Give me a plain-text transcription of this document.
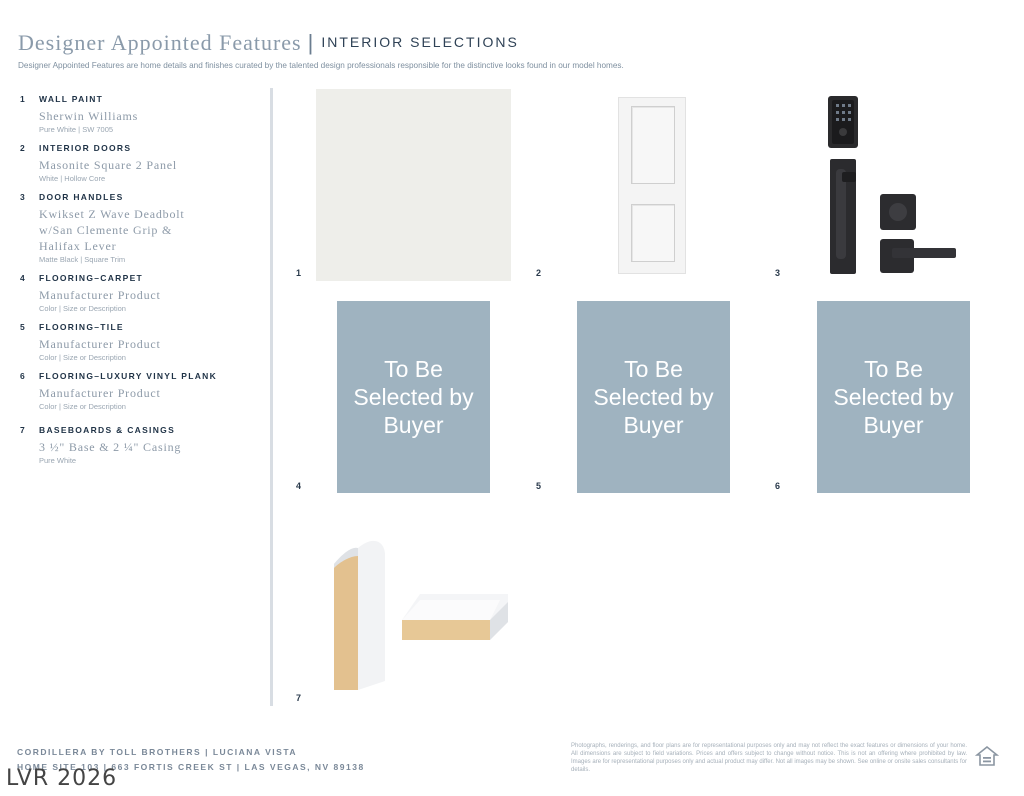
Designer Appointed Features | INTERIOR SELECTIONS
Designer Appointed Features are home details and finishes curated by the talented design professionals responsible for the distinctive looks found in our model homes.
1	WALL PAINT
Sherwin Williams
Pure White | SW 7005
2	INTERIOR DOORS
Masonite Square 2 Panel
White | Hollow Core
3	DOOR HANDLES
Kwikset Z Wave Deadbolt w/San Clemente Grip & Halifax Lever
Matte Black | Square Trim
4	FLOORING–CARPET
Manufacturer Product
Color | Size or Description
5	FLOORING–TILE
Manufacturer Product
Color | Size or Description
6	FLOORING–LUXURY VINYL PLANK
Manufacturer Product
Color | Size or Description
7	BASEBOARDS & CASINGS
3 ½" Base & 2 ¼" Casing
Pure White
1	2	3
To Be Selected by Buyer
4
To Be Selected by Buyer
5
To Be Selected by Buyer
6
7
CORDILLERA BY TOLL BROTHERS | LUCIANA VISTA
HOME SITE 103 | 663 FORTIS CREEK ST | LAS VEGAS, NV 89138
Photographs, renderings, and floor plans are for representational purposes only and may not reflect the exact features or dimensions of your home. All dimensions are subject to field variations. Prices and offers subject to change without notice. This is not an offering where prohibited by law. Images are for representational purposes only and actual product may differ. Not all images may be shown. See online or onsite sales consultants for details.
LVR 2026
